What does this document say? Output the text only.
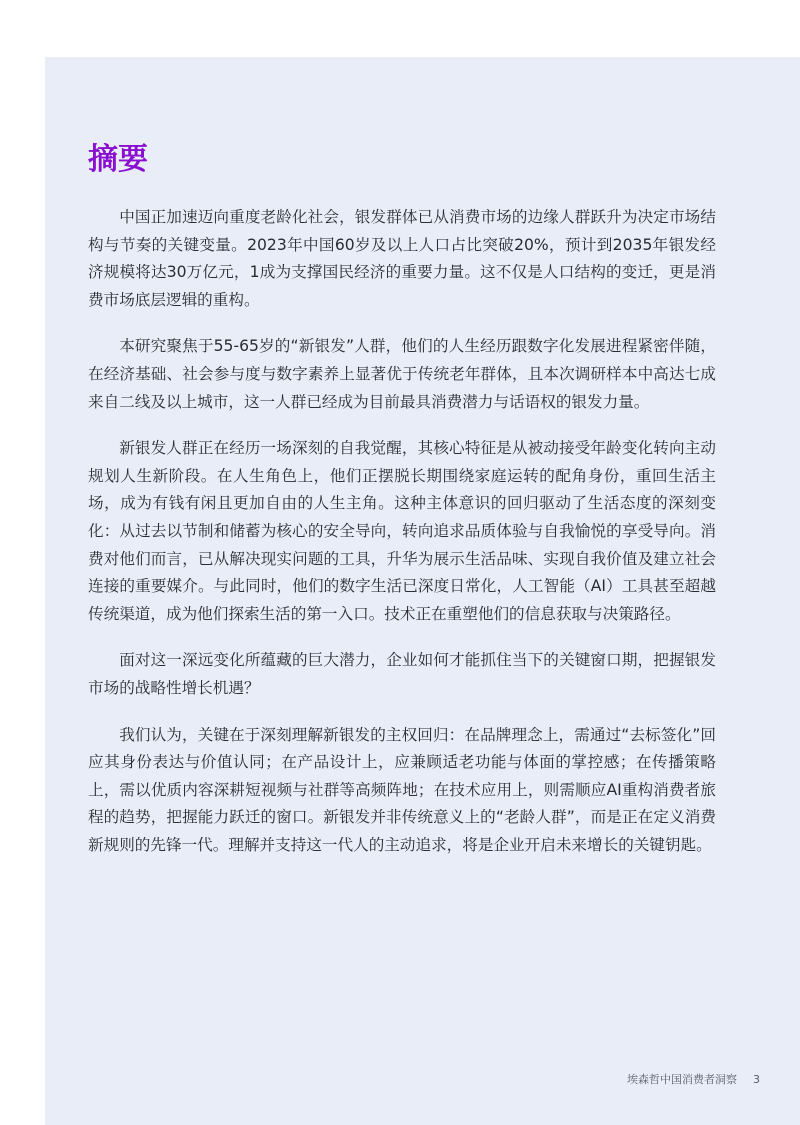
摘要

中国正加速迈向重度老龄化社会，银发群体已从消费市场的边缘人群跃升为决定市场结构与节奏的关键变量。2023年中国60岁及以上人口占比突破20%，预计到2035年银发经济规模将达30万亿元，1成为支撑国民经济的重要力量。这不仅是人口结构的变迁，更是消费市场底层逻辑的重构。

本研究聚焦于55-65岁的“新银发”人群，他们的人生经历跟数字化发展进程紧密伴随，在经济基础、社会参与度与数字素养上显著优于传统老年群体，且本次调研样本中高达七成来自二线及以上城市，这一人群已经成为目前最具消费潜力与话语权的银发力量。

新银发人群正在经历一场深刻的自我觉醒，其核心特征是从被动接受年龄变化转向主动规划人生新阶段。在人生角色上，他们正摆脱长期围绕家庭运转的配角身份，重回生活主场，成为有钱有闲且更加自由的人生主角。这种主体意识的回归驱动了生活态度的深刻变化：从过去以节制和储蓄为核心的安全导向，转向追求品质体验与自我愉悦的享受导向。消费对他们而言，已从解决现实问题的工具，升华为展示生活品味、实现自我价值及建立社会连接的重要媒介。与此同时，他们的数字生活已深度日常化，人工智能（AI）工具甚至超越传统渠道，成为他们探索生活的第一入口。技术正在重塑他们的信息获取与决策路径。

面对这一深远变化所蕴藏的巨大潜力，企业如何才能抓住当下的关键窗口期，把握银发市场的战略性增长机遇？

我们认为，关键在于深刻理解新银发的主权回归：在品牌理念上，需通过“去标签化”回应其身份表达与价值认同；在产品设计上，应兼顾适老功能与体面的掌控感；在传播策略上，需以优质内容深耕短视频与社群等高频阵地；在技术应用上，则需顺应AI重构消费者旅程的趋势，把握能力跃迁的窗口。新银发并非传统意义上的“老龄人群”，而是正在定义消费新规则的先锋一代。理解并支持这一代人的主动追求，将是企业开启未来增长的关键钥匙。

埃森哲中国消费者洞察 3
